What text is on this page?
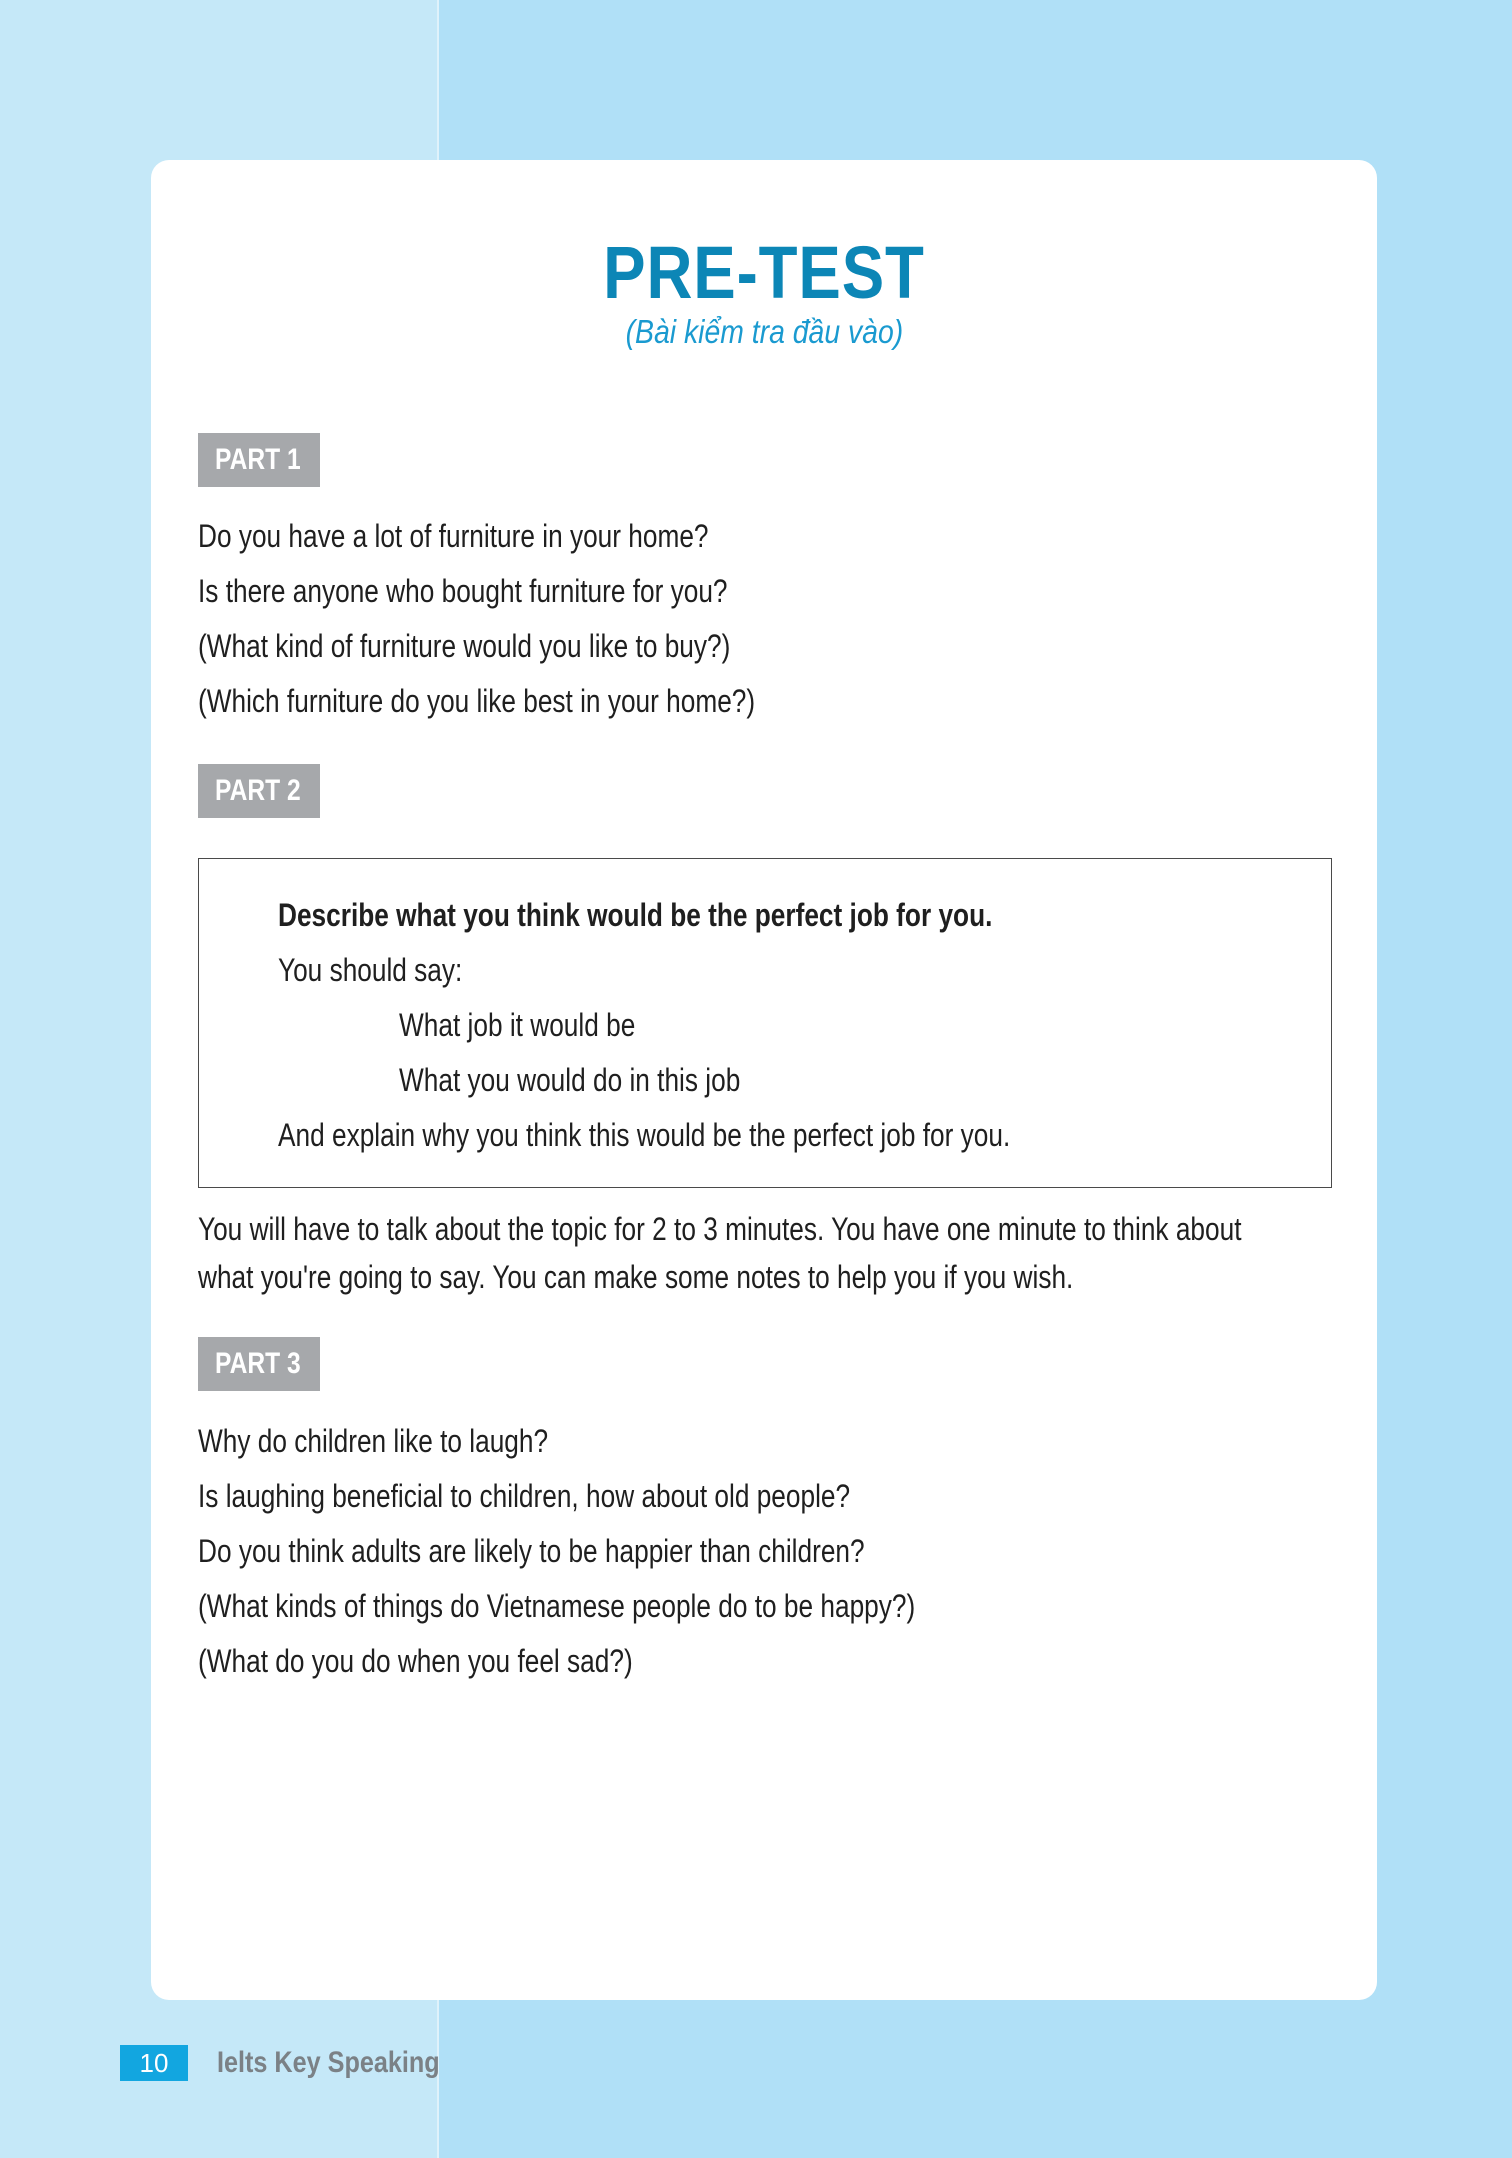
PRE-TEST
(Bài kiểm tra đầu vào)
PART 1
Do you have a lot of furniture in your home?
Is there anyone who bought furniture for you?
(What kind of furniture would you like to buy?)
(Which furniture do you like best in your home?)
PART 2
Describe what you think would be the perfect job for you.
You should say:
What job it would be
What you would do in this job
And explain why you think this would be the perfect job for you.
You will have to talk about the topic for 2 to 3 minutes. You have one minute to think about
what you're going to say. You can make some notes to help you if you wish.
PART 3
Why do children like to laugh?
Is laughing beneficial to children, how about old people?
Do you think adults are likely to be happier than children?
(What kinds of things do Vietnamese people do to be happy?)
(What do you do when you feel sad?)
10	Ielts Key Speaking
